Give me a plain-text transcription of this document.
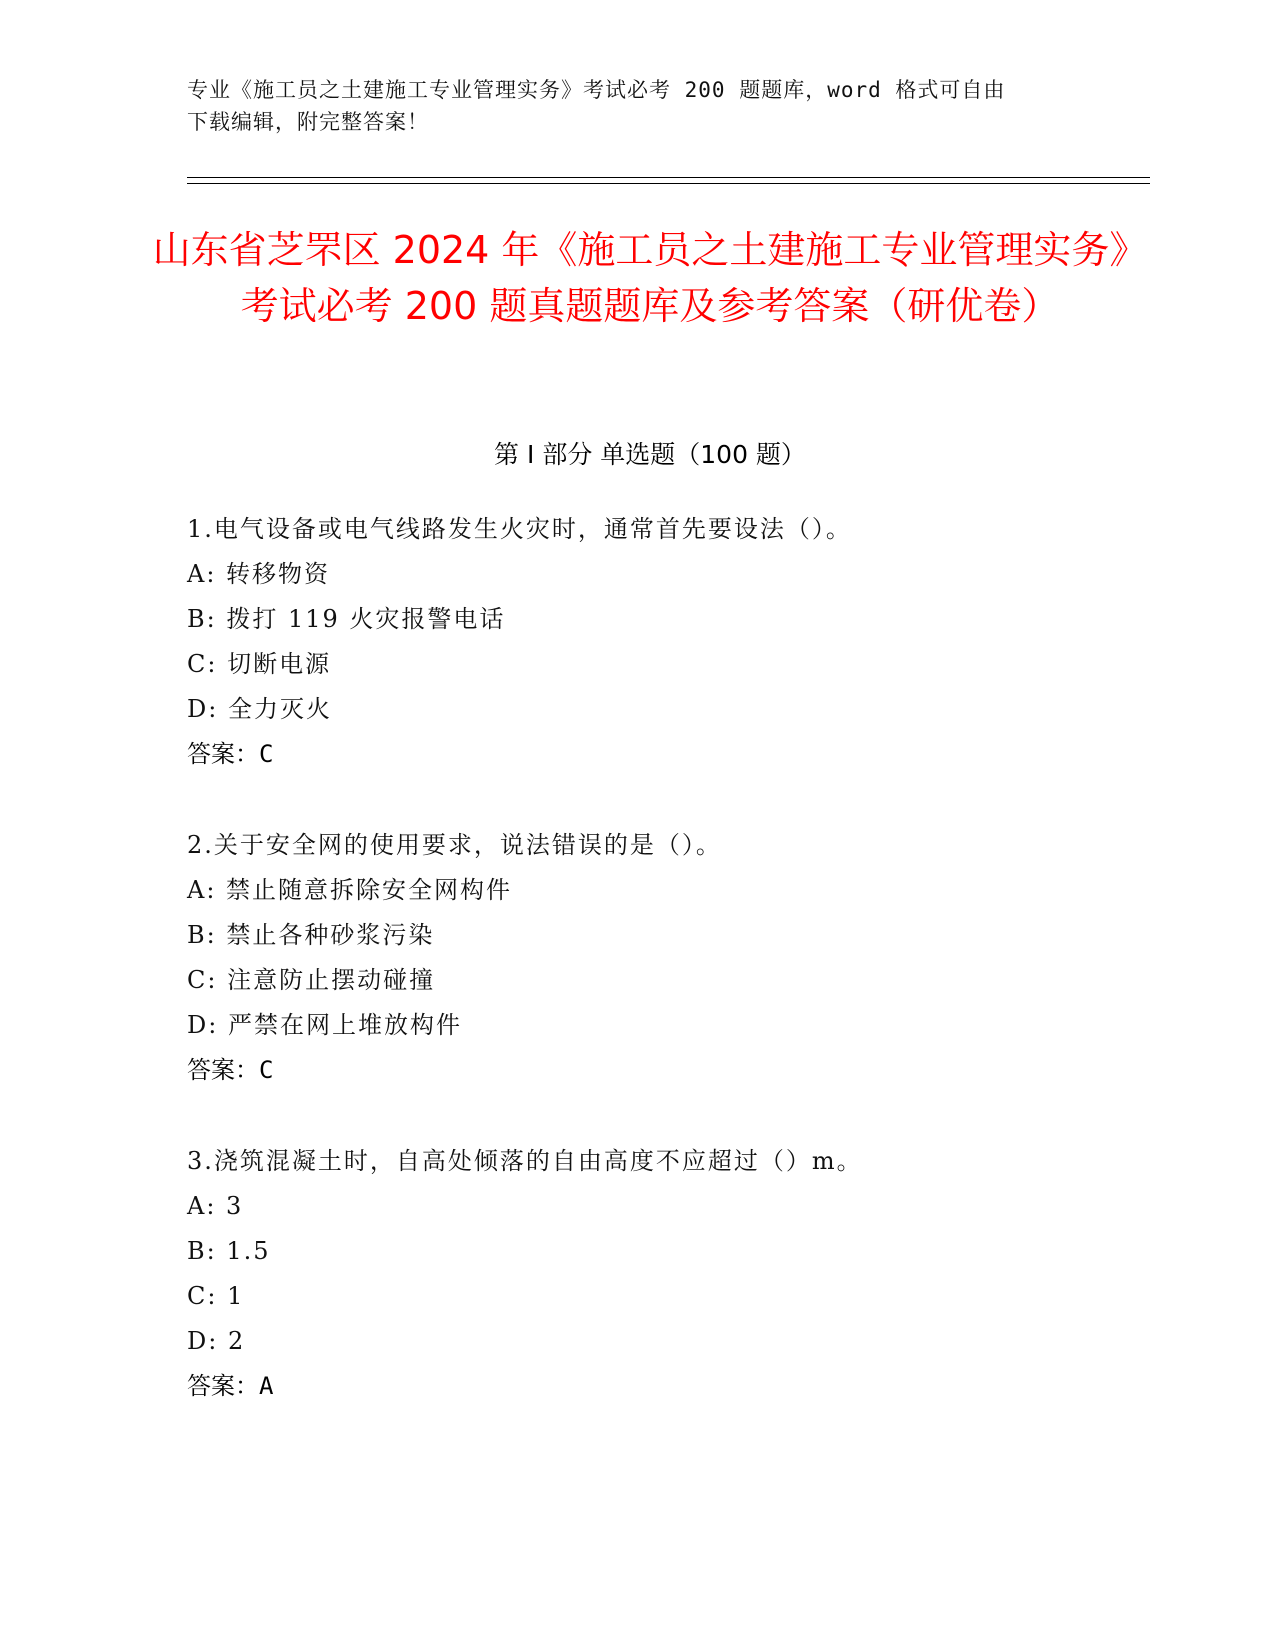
专业《施工员之土建施工专业管理实务》考试必考 200 题题库，word 格式可自由
下载编辑，附完整答案！
山东省芝罘区 2024 年《施工员之土建施工专业管理实务》考试必考 200 题真题题库及参考答案（研优卷）
第 I 部分 单选题（100 题）
1.电气设备或电气线路发生火灾时，通常首先要设法（）。
A: 转移物资
B: 拨打 119 火灾报警电话
C: 切断电源
D: 全力灭火
答案：C
2.关于安全网的使用要求，说法错误的是（）。
A: 禁止随意拆除安全网构件
B: 禁止各种砂浆污染
C: 注意防止摆动碰撞
D: 严禁在网上堆放构件
答案：C
3.浇筑混凝土时，自高处倾落的自由高度不应超过（）m。
A: 3
B: 1.5
C: 1
D: 2
答案：A
